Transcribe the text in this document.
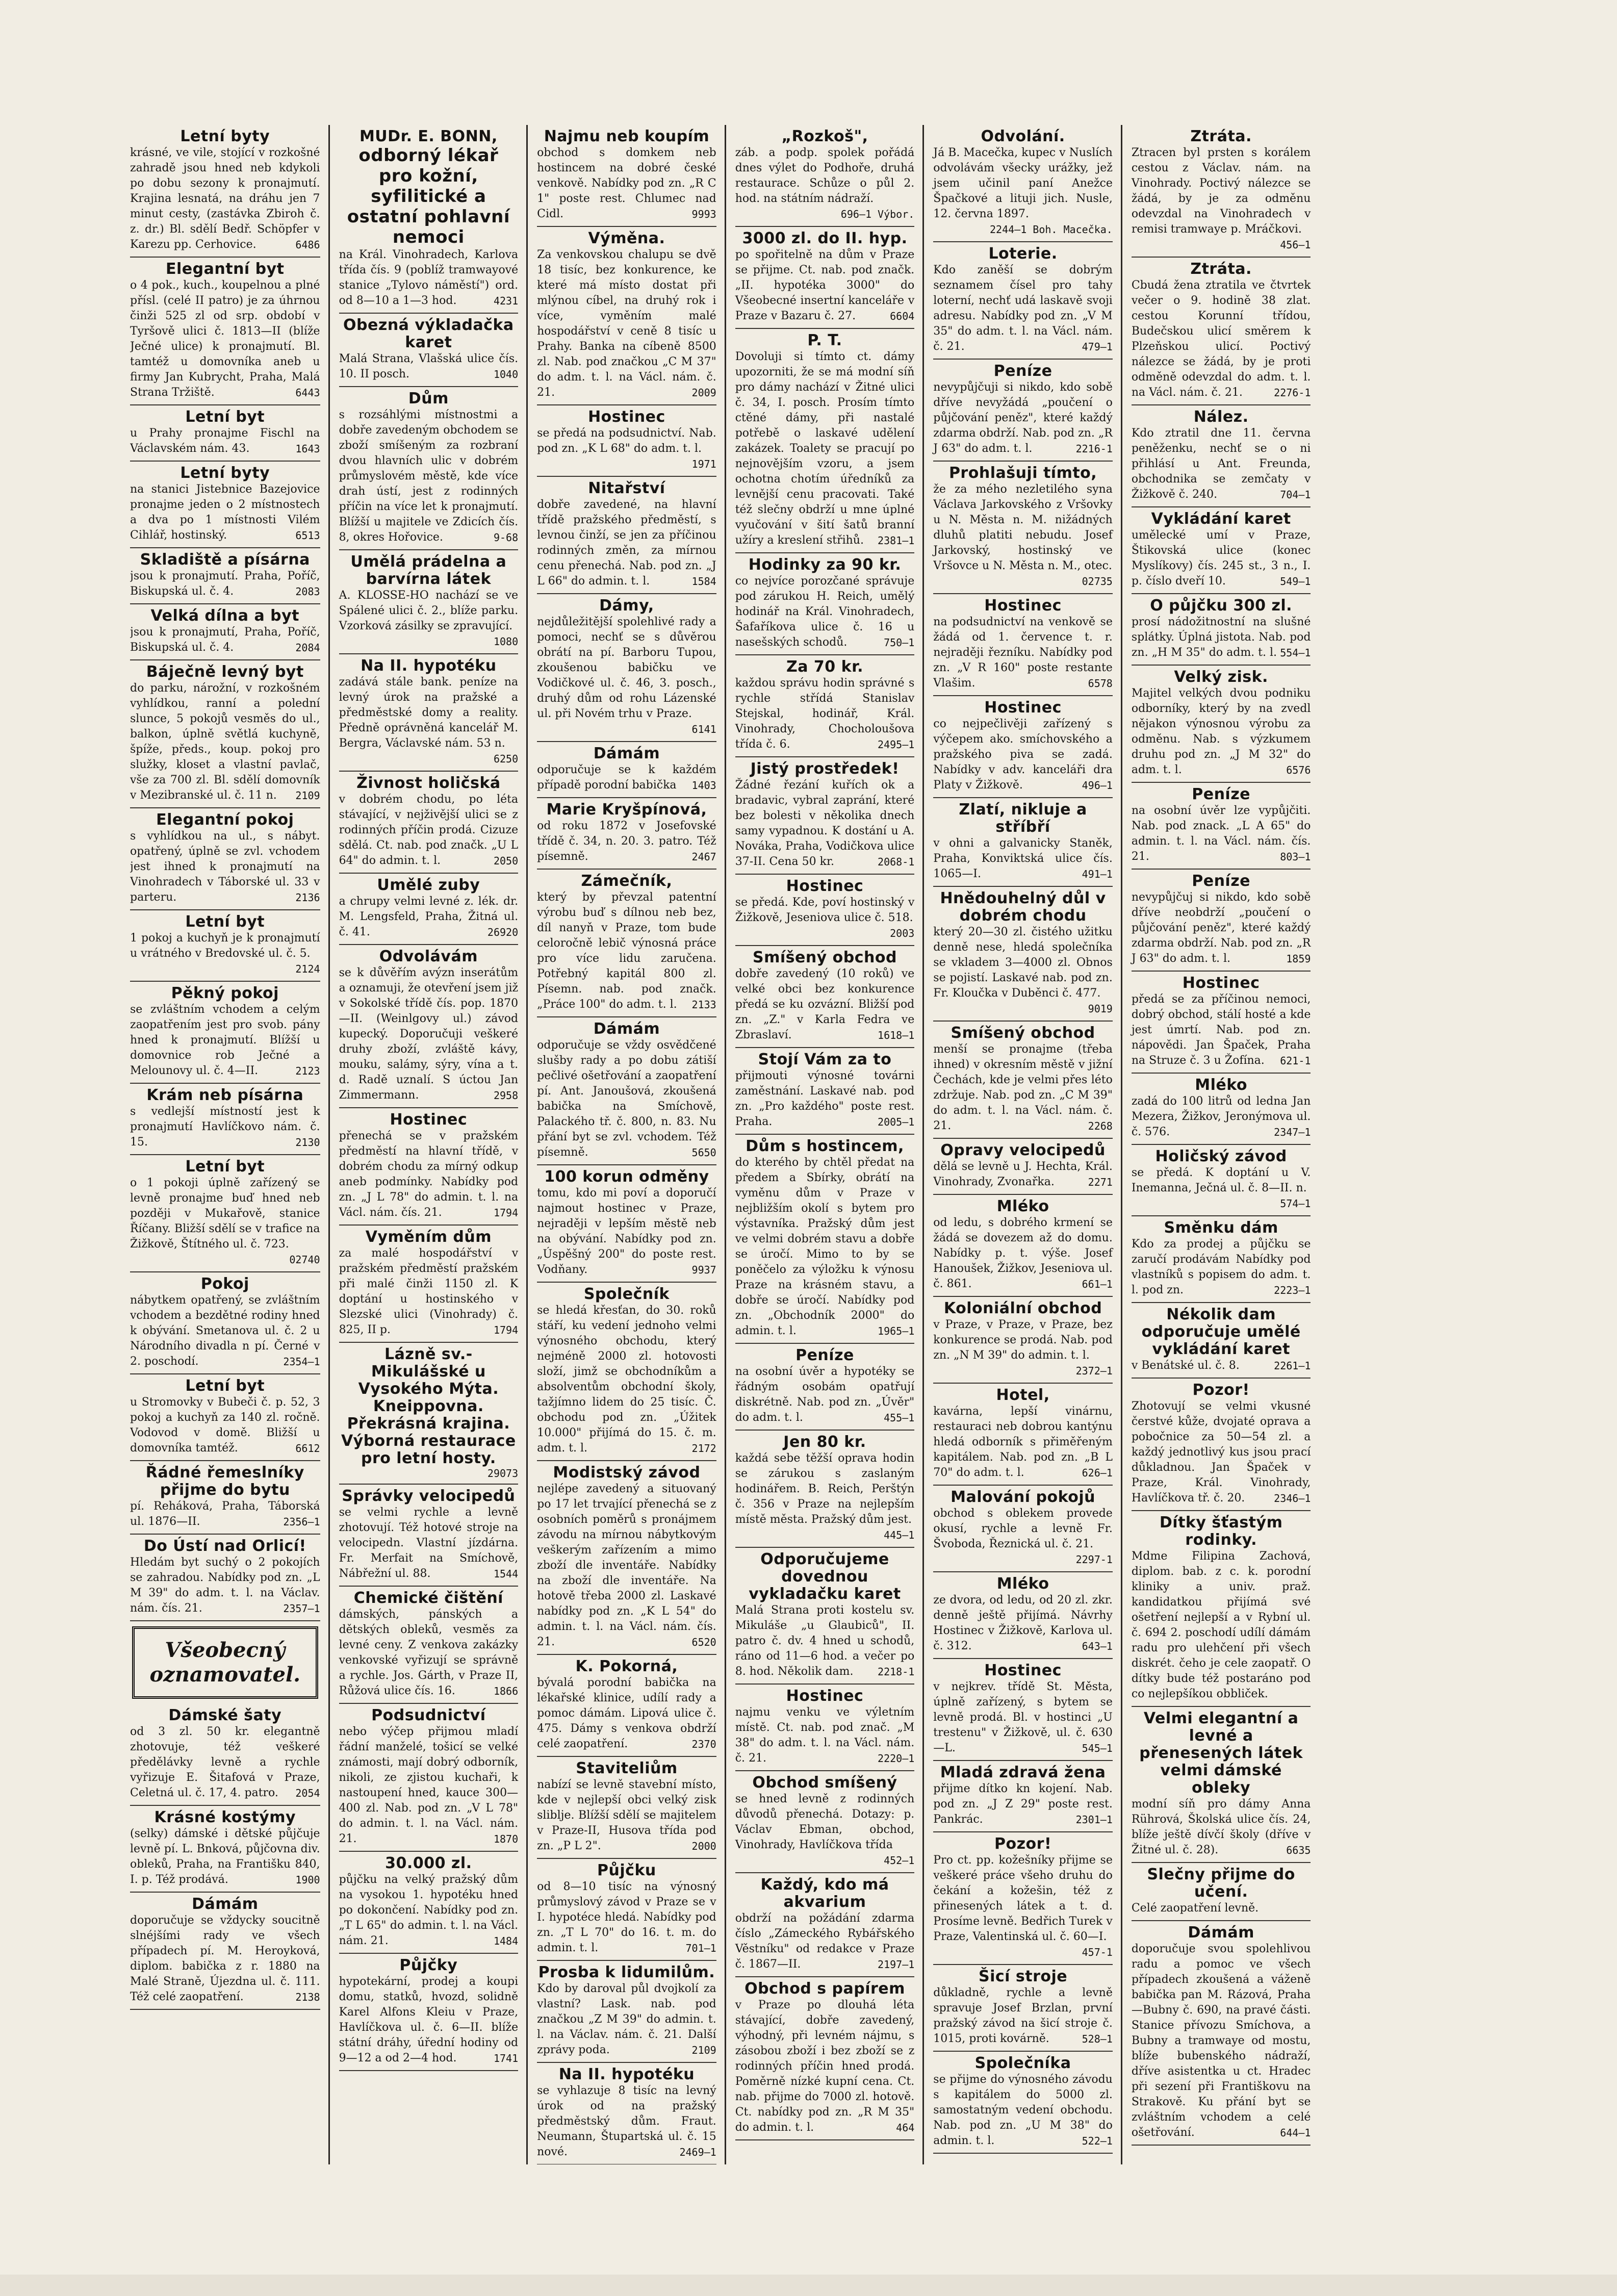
Letní byty
krásné, ve vile, stojící v rozkošné zahradě jsou hned neb kdykoli po dobu sezony k pronajmutí. Krajina lesnatá, na dráhu jen 7 minut cesty, (zastávka Zbiroh č. z. dr.) Bl. sdělí Bedř. Schöpfer v Karezu pp. Cerhovice.	6486
Elegantní byt
o 4 pok., kuch., koupelnou a plné přísl. (celé II patro) je za úhrnou činži 525 zl od srp. období v Tyršově ulici č. 1813—II (blíže Ječné ulice) k pronajmutí. Bl. tamtéž u domovníka aneb u firmy Jan Kubrycht, Praha, Malá Strana Tržiště.	6443
Letní byt
u Prahy pronajme Fischl na Václavském nám. 43.	1643
Letní byty
na stanici Jistebnice Bazejovice pronajme jeden o 2 místnostech a dva po 1 místnosti Vilém Cihlář, hostinský.	6513
Skladiště a písárna
jsou k pronajmutí. Praha, Poříč, Biskupská ul. č. 4.	2083
Velká dílna a byt
jsou k pronajmutí, Praha, Poříč, Biskupská ul. č. 4.	2084
Báječně levný byt
do parku, nárožní, v rozkošném vyhlídkou, ranní a polední slunce, 5 pokojů vesměs do ul., balkon, úplně světlá kuchyně, špíže, předs., koup. pokoj pro služky, kloset a vlastní pavlač, vše za 700 zl. Bl. sdělí domovník v Mezibranské ul. č. 11 n.	2109
Elegantní pokoj
s vyhlídkou na ul., s nábyt. opatřený, úplně se zvl. vchodem jest ihned k pronajmutí na Vinohradech v Táborské ul. 33 v parteru.	2136
Letní byt
1 pokoj a kuchyň je k pronajmutí u vrátného v Bredovské ul. č. 5.
2124
Pěkný pokoj
se zvláštním vchodem a celým zaopatřením jest pro svob. pány hned k pronajmutí. Blížší u domovnice rob Ječné a Melounovy ul. č. 4—II.	2123
Krám neb písárna
s vedlejší místností jest k pronajmutí Havlíčkovo nám. č. 15.	2130
Letní byt
o 1 pokoji úplně zařízený se levně pronajme buď hned neb později v Mukařově, stanice Říčany. Bližší sdělí se v trafice na Žižkově, Štítného ul. č. 723.
02740
Pokoj
nábytkem opatřený, se zvláštním vchodem a bezdětné rodiny hned k obývání. Smetanova ul. č. 2 u Národního divadla n pí. Černé v 2. poschodí.	2354—1
Letní byt
u Stromovky v Bubeči č. p. 52, 3 pokoj a kuchyň za 140 zl. ročně. Vodovod v domě. Bližší u domovníka tamtéž.	6612
Řádné řemeslníky přijme do bytu
pí. Reháková, Praha, Táborská ul. 1876—II.	2356—1
Do Ústí nad Orlicí!
Hledám byt suchý o 2 pokojích se zahradou. Nabídky pod zn. „L M 39" do adm. t. l. na Václav. nám. čís. 21.	2357—1
Všeobecný oznamovatel.
Dámské šaty
od 3 zl. 50 kr. elegantně zhotovuje, též veškeré předělávky levně a rychle vyřizuje E. Šitafová v Praze, Celetná ul. č. 17, 4. patro.	2054
Krásné kostýmy
(selky) dámské i dětské půjčuje levně pí. L. Bnková, půjčovna div. obleků, Praha, na Františku 840, I. p. Též prodává.	1900
Dámám
doporučuje se vždycky soucitně slnéjšími rady ve všech případech pí. M. Heroyková, diplom. babička z r. 1880 na Malé Straně, Újezdna ul. č. 111. Též celé zaopatření.	2138
MUDr. E. BONN,
odborný lékař pro kožní, syfilitické a ostatní pohlavní nemoci
na Král. Vinohradech, Karlova třída čís. 9 (poblíž tramwayové stanice „Tylovo náměstí") ord. od 8—10 a 1—3 hod.	4231
Obezná výkladačka karet
Malá Strana, Vlašská ulice čís. 10. II posch.	1040
Dům
s rozsáhlými místnostmi a dobře zavedeným obchodem se zboží smíšeným za rozbraní dvou hlavních ulic v dobrém průmyslovém městě, kde více drah ústí, jest z rodinných příčin na více let k pronajmutí. Blížší u majitele ve Zdicích čís. 8, okres Hořovice.	9-68
Umělá prádelna a barvírna látek
A. KLOSSE-HO nachází se ve Spálené ulici č. 2., blíže parku. Vzorková zásilky se zpravující.
1080
Na II. hypotéku
zadává stále bank. peníze na levný úrok na pražské a předměstské domy a reality. Předně oprávněná kancelář M. Bergra, Václavské nám. 53 n.
6250
Živnost holičská
v dobrém chodu, po léta stávající, v nejživější ulici se z rodinných příčin prodá. Cizuze sdělá. Ct. nab. pod značk. „U L 64" do admin. t. l.	2050
Umělé zuby
a chrupy velmi levné z. lék. dr. M. Lengsfeld, Praha, Žitná ul. č. 41.	26920
Odvolávám
se k důvěřím avýzn inserátům a oznamuji, že otevření jsem již v Sokolské třídě čís. pop. 1870—II. (Weinlgovy ul.) závod kupecký. Doporučuji veškeré druhy zboží, zvláště kávy, mouku, salámy, sýry, vína a t. d. Radě uznalí. S úctou Jan Zimmermann.	2958
Hostinec
přenechá se v pražském předměstí na hlavní třídě, v dobrém chodu za mírný odkup aneb podmínky. Nabídky pod zn. „J L 78" do admin. t. l. na Václ. nám. čís. 21.	1794
Vyměním dům
za malé hospodářství v pražském předměstí pražském při malé činži 1150 zl. K doptání u hostinského v Slezské ulici (Vinohrady) č. 825, II p.	1794
Lázně sv.-Mikulášské u Vysokého Mýta. Kneippovna. Překrásná krajina. Výborná restaurace pro letní hosty.
29073
Správky velocipedů
se velmi rychle a levně zhotovují. Též hotové stroje na velocipedn. Vlastní jízdárna. Fr. Merfait na Smíchově, Nábřežní ul. 88.	1544
Chemické čištění
dámských, pánských a dětských obleků, vesměs za levné ceny. Z venkova zakázky venkovské vyřizují se správně a rychle. Jos. Gárth, v Praze II, Růžová ulice čís. 16.	1866
Podsudnictví
nebo výčep přijmou mladí řádní manželé, tošicí se velké známosti, mají dobrý odborník, nikoli, ze zjistou kuchaři, k nastoupení hned, kauce 300—400 zl. Nab. pod zn. „V L 78" do admin. t. l. na Václ. nám. 21.	1870
30.000 zl.
půjčku na velký pražský dům na vysokou 1. hypotéku hned po dokončení. Nabídky pod zn. „T L 65" do admin. t. l. na Václ. nám. 21.	1484
Půjčky
hypotekární, prodej a koupi domu, statků, hvozd, solidně Karel Alfons Kleiu v Praze, Havlíčkova ul. č. 6—II. blíže státní dráhy, úřední hodiny od 9—12 a od 2—4 hod.	1741
Najmu neb koupím
obchod s domkem neb hostincem na dobré české venkově. Nabídky pod zn. „R C 1" poste rest. Chlumec nad Cidl.	9993
Výměna.
Za venkovskou chalupu se dvě 18 tisíc, bez konkurence, ke které má místo dostat při mlýnou cíbel, na druhý rok i více, vyměním malé hospodářství v ceně 8 tisíc u Prahy. Banka na cíbeně 8500 zl. Nab. pod značkou „C M 37" do adm. t. l. na Václ. nám. č. 21.	2009
Hostinec
se předá na podsudnictví. Nab. pod zn. „K L 68" do adm. t. l.
1971
Nitařství
dobře zavedené, na hlavní třídě pražského předměstí, s levnou činží, se jen za příčinou rodinných změn, za mírnou cenu přenechá. Nab. pod zn. „J L 66" do admin. t. l.	1584
Dámy,
nejdůležitější spolehlivé rady a pomoci, nechť se s důvěrou obrátí na pí. Barboru Tupou, zkoušenou babičku ve Vodičkové ul. č. 46, 3. posch., druhý dům od rohu Lázenské ul. při Novém trhu v Praze.
6141
Dámám
odporučuje se k každém případě porodní babička	1403
Marie Kryšpínová,
od roku 1872 v Josefovské třídě č. 34, n. 20. 3. patro. Též písemně.	2467
Zámečník,
který by převzal patentní výrobu buď s dílnou neb bez, díl nanyň v Praze, tom bude celoročně lebič výnosná práce pro více lidu zaručena. Potřebný kapitál 800 zl. Písemn. nab. pod značk. „Práce 100" do adm. t. l.	2133
Dámám
odporučuje se vždy osvědčené slušby rady a po dobu zátiší pečlivé ošetřování a zaopatření pí. Ant. Janoušová, zkoušená babička na Smíchově, Palackého tř. č. 800, n. 83. Nu přání byt se zvl. vchodem. Též písemně.	5650
100 korun odměny
tomu, kdo mi poví a doporučí najmout hostinec v Praze, nejraději v lepším městě neb na obývání. Nabídky pod zn. „Úspěšný 200" do poste rest. Vodňany.	9937
Společník
se hledá křesťan, do 30. roků stáří, ku vedení jednoho velmi výnosného obchodu, který nejméně 2000 zl. hotovosti složí, jimž se obchodníkům a absolventům obchodní školy, tažjímno lidem do 25 tisíc. Č. obchodu pod zn. „Úžitek 10.000" přijímá do 15. č. m. adm. t. l.	2172
Modistský závod
nejlépe zavedený a situovaný po 17 let trvající přenechá se z osobních poměrů s pronájmem závodu na mírnou nábytkovým veškerým zařízením a mimo zboží dle inventáře. Nabídky na zboží dle inventáře. Na hotově třeba 2000 zl. Laskavé nabídky pod zn. „K L 54" do admin. t. l. na Václ. nám. čís. 21.	6520
K. Pokorná,
bývalá porodní babička na lékařské klinice, udílí rady a pomoc dámám. Lipová ulice č. 475. Dámy s venkova obdrží celé zaopatření.	2370
Staviteliům
nabízí se levně stavební místo, kde v nejlepší obci velký zisk sliblje. Blížší sdělí se majitelem v Praze-II, Husova třída pod zn. „P L 2".	2000
Půjčku
od 8—10 tisíc na výnosný průmyslový závod v Praze se v I. hypotéce hledá. Nabídky pod zn. „T L 70" do 16. t. m. do admin. t. l.	701—1
Prosba k lidumilům.
Kdo by daroval půl dvojkolí za vlastní? Lask. nab. pod značkou „Z M 39" do admin. t. l. na Václav. nám. č. 21. Další zprávy poda.	2109
Na II. hypotéku
se vyhlazuje 8 tisíc na levný úrok od na pražský předměstský dům. Fraut. Neumann, Štupartská ul. č. 15 nové.	2469—1
„Rozkoš",
záb. a podp. spolek pořádá dnes výlet do Podhoře, druhá restaurace. Schůze o půl 2. hod. na státním nádraží.
696—1 Výbor.
3000 zl. do II. hyp.
po spořitelně na dům v Praze se přijme. Ct. nab. pod značk. „II. hypotéka 3000" do Všeobecné insertní kanceláře v Praze v Bazaru č. 27.	6604
P. T.
Dovoluji si tímto ct. dámy upozorniti, že se má modní síň pro dámy nachází v Žitné ulici č. 34, I. posch. Prosím tímto ctěné dámy, při nastalé potřebě o laskavé udělení zakázek. Toalety se pracují po nejnovějším vzoru, a jsem ochotna chotím úředníků za levnější cenu pracovati. Také též slečny obdrží u mne úplné vyučování v šití šatů branní užíry a kreslení střihů.	2381—1
Hodinky za 90 kr.
co nejvíce porozčané správuje pod zárukou H. Reich, umělý hodinář na Král. Vinohradech, Šafaříkova ulice č. 16 u nasešských schodů.	750—1
Za 70 kr.
každou správu hodin správné s rychle střídá Stanislav Stejskal, hodinář, Král. Vinohrady, Chocholoušova třída č. 6.	2495—1
Jistý prostředek!
Žádné řezání kuřích ok a bradavic, vybral zaprání, které bez bolesti v několika dnech samy vypadnou. K dostání u A. Nováka, Praha, Vodičkova ulice 37-II. Cena 50 kr.	2068-1
Hostinec
se předá. Kde, poví hostinský v Žižkově, Jeseniova ulice č. 518.
2003
Smíšený obchod
dobře zavedený (10 roků) ve velké obci bez konkurence předá se ku ozvázní. Bližší pod zn. „Z." v Karla Fedra ve Zbraslaví.	1618—1
Stojí Vám za to
přijmouti výnosné továrni zaměstnání. Laskavé nab. pod zn. „Pro každého" poste rest. Praha.	2005—1
Dům s hostincem,
do kterého by chtěl předat na předem a Sbírky, obrátí na vyměnu dům v Praze v nejbližším okolí s bytem pro výstavníka. Pražský dům jest ve velmi dobrém stavu a dobře se úročí. Mimo to by se poněčelo za výložku k výnosu Praze na krásném stavu, a dobře se úročí. Nabídky pod zn. „Obchodník 2000" do admin. t. l.	1965—1
Peníze
na osobní úvěr a hypotéky se řádným osobám opatřují diskrétně. Nab. pod zn. „Úvěr" do adm. t. l.	455—1
Jen 80 kr.
každá sebe těžší oprava hodin se zárukou s zaslaným hodinářem. B. Reich, Perštýn č. 356 v Praze na nejlepším místě města. Pražský dům jest.
445—1
Odporučujeme dovednou vykladačku karet
Malá Strana proti kostelu sv. Mikuláše „u Glaubiců", II. patro č. dv. 4 hned u schodů, ráno od 11—6 hod. a večer po 8. hod. Několik dam.	2218-1
Hostinec
najmu venku ve výletním místě. Ct. nab. pod znač. „M 38" do adm. t. l. na Václ. nám. č. 21.	2220—1
Obchod smíšený
se hned levně z rodinných důvodů přenechá. Dotazy: p. Václav Ebman, obchod, Vinohrady, Havlíčkova třída
452—1
Každý, kdo má akvarium
obdrží na požádání zdarma číslo „Zámeckého Rybářského Věstníku" od redakce v Praze č. 1867—II.	2197—1
Obchod s papírem
v Praze po dlouhá léta stávající, dobře zavedený, výhodný, při levném nájmu, s zásobou zboží i bez zboží se z rodinných příčin hned prodá. Poměrně nízké kupní cena. Ct. nab. přijme do 7000 zl. hotově. Ct. nabídky pod zn. „R M 35" do admin. t. l.	464
Odvolání.
Já B. Macečka, kupec v Nuslích odvolávám všecky urážky, jež jsem učinil paní Anežce Špačkové a lituji jich. Nusle, 12. června 1897.
2244—1 Boh. Macečka.
Loterie.
Kdo zaněší se dobrým seznamem čísel pro tahy loterní, nechť udá laskavě svoji adresu. Nabídky pod zn. „V M 35" do adm. t. l. na Václ. nám. č. 21.	479—1
Peníze
nevypůjčuji si nikdo, kdo sobě dříve nevyžádá „poučení o půjčování peněz", které každý zdarma obdrží. Nab. pod zn. „R J 63" do adm. t. l.	2216-1
Prohlašuji tímto,
že za mého nezletilého syna Václava Jarkovského z Vršovky u N. Města n. M. nižádných dluhů platiti nebudu. Josef Jarkovský, hostinský ve Vršovce u N. Města n. M., otec.
02735
Hostinec
na podsudnictví na venkově se žádá od 1. července t. r. nejraději řezníku. Nabídky pod zn. „V R 160" poste restante Vlašim.	6578
Hostinec
co nejpečlivěji zařízený s výčepem ako. smíchovského a pražského piva se zadá. Nabídky v adv. kanceláři dra Platy v Žižkově.	496—1
Zlatí, nikluje a stříbří
v ohni a galvanicky Staněk, Praha, Konviktská ulice čís. 1065—I.	491—1
Hnědouhelný důl v dobrém chodu
který 20—30 zl. čistého užitku denně nese, hledá společníka se vkladem 3—4000 zl. Obnos se pojistí. Laskavé nab. pod zn. Fr. Kloučka v Duběnci č. 477.
9019
Smíšený obchod
menší se pronajme (třeba ihned) v okresním městě v jižní Čechách, kde je velmi přes léto zdržuje. Nab. pod zn. „C M 39" do adm. t. l. na Václ. nám. č. 21.	2268
Opravy velocipedů
dělá se levně u J. Hechta, Král. Vinohrady, Zvonařka.	2271
Mléko
od ledu, s dobrého krmení se žádá se dovezem až do domu. Nabídky p. t. výše. Josef Hanoušek, Žižkov, Jeseniova ul. č. 861.	661—1
Koloniální obchod
v Praze, v Praze, v Praze, bez konkurence se prodá. Nab. pod zn. „N M 39" do admin. t. l.
2372—1
Hotel,
kavárna, lepší vinárnu, restauraci neb dobrou kantýnu hledá odborník s přiměřeným kapitálem. Nab. pod zn. „B L 70" do adm. t. l.	626—1
Malování pokojů
obchod s oblekem provede okusí, rychle a levně Fr. Švoboda, Řeznická ul. č. 21.
2297-1
Mléko
ze dvora, od ledu, od 20 zl. zkr. denně ještě přijímá. Návrhy Hostinec v Žižkově, Karlova ul. č. 312.	643—1
Hostinec
v nejkrev. třídě St. Města, úplně zařízený, s bytem se levně prodá. Bl. v hostinci „U trestenu" v Žižkově, ul. č. 630—L.	545—1
Mladá zdravá žena
přijme dítko kn kojení. Nab. pod zn. „J Z 29" poste rest. Pankrác.	2301—1
Pozor!
Pro ct. pp. kožešníky přijme se veškeré práce všeho druhu do čekání a kožešin, též z přinesených látek a t. d. Prosíme levně. Bedřich Turek v Praze, Valentinská ul. č. 60—I.
457-1
Šicí stroje
důkladně, rychle a levně spravuje Josef Brzlan, první pražský závod na šicí stroje č. 1015, proti kovárně.	528—1
Společníka
se přijme do výnosného závodu s kapitálem do 5000 zl. samostatným vedení obchodu. Nab. pod zn. „U M 38" do admin. t. l.	522—1
Ztráta.
Ztracen byl prsten s korálem cestou z Václav. nám. na Vinohrady. Poctivý nálezce se žádá, by je za odměnu odevzdal na Vinohradech v remisi tramwaye p. Mráčkovi.
456—1
Ztráta.
Cbudá žena ztratila ve čtvrtek večer o 9. hodině 38 zlat. cestou Korunní třídou, Budečskou ulicí směrem k Plzeňskou ulicí. Poctivý nálezce se žádá, by je proti odměně odevzdal do adm. t. l. na Václ. nám. č. 21.	2276-1
Nález.
Kdo ztratil dne 11. června peněženku, nechť se o ni přihlásí u Ant. Freunda, obchodnika se zemčaty v Žižkově č. 240.	704—1
Vykládání karet
umělecké umí v Praze, Štikovská ulice (konec Myslíkovy) čís. 245 st., 3 n., I. p. číslo dveří 10.	549—1
O půjčku 300 zl.
prosí nádožitnostní na slušné splátky. Úplná jistota. Nab. pod zn. „H M 35" do adm. t. l. 554—1
Velký zisk.
Majitel velkých dvou podniku odborníky, který by na zvedl nějakon výnosnou výrobu za odměnu. Nab. s výzkumem druhu pod zn. „J M 32" do adm. t. l.	6576
Peníze
na osobní úvěr lze vypůjčiti. Nab. pod znack. „L A 65" do admin. t. l. na Václ. nám. čís. 21.	803—1
Peníze
nevypůjčuj si nikdo, kdo sobě dříve neobdrží „poučení o půjčování peněz", které každý zdarma obdrží. Nab. pod zn. „R J 63" do adm. t. l.	1859
Hostinec
předá se za příčinou nemoci, dobrý obchod, stálí hosté a kde jest úmrtí. Nab. pod zn. nápovědi. Jan Špaček, Praha na Struze č. 3 u Žofína.	621-1
Mléko
zadá do 100 litrů od ledna Jan Mezera, Žižkov, Jeronýmova ul. č. 576.	2347—1
Holičský závod
se předá. K doptání u V. Inemanna, Ječná ul. č. 8—II. n.
574—1
Směnku dám
Kdo za prodej a půjčku se zaručí prodávám Nabídky pod vlastníků s popisem do adm. t. l. pod zn.	2223—1
Nékolik dam odporučuje umělé vykládání karet
v Benátské ul. č. 8.	2261—1
Pozor!
Zhotovují se velmi vkusné čerstvé kůže, dvojaté oprava a pobočnice za 50—54 zl. a každý jednotlivý kus jsou prací důkladnou. Jan Špaček v Praze, Král. Vinohrady, Havlíčkova tř. č. 20.	2346—1
Dítky šťastým rodinky.
Mdme Filipina Zachová, diplom. bab. z c. k. porodní kliniky a univ. praž. kandidatkou přijímá své ošetření nejlepší a v Rybní ul. č. 694 2. poschodí udílí dámám radu pro ulehčení při všech diskrét. čeho je cele zaopatř. O dítky bude též postaráno pod co nejlepšíkou obbliček.
Velmi elegantní a levné a přenesených látek velmi dámské obleky
modní síň pro dámy Anna Rührová, Školská ulice čís. 24, blíže ještě dívčí školy (dříve v Žitné ul. č. 28).	6635
Slečny přijme do učení.
Celé zaopatření levně.
Dámám
doporučuje svou spolehlivou radu a pomoc ve všech případech zkoušená a váženě babička pan M. Rázová, Praha—Bubny č. 690, na pravé části. Stanice přívozu Smíchova, a Bubny a tramwaye od mostu, blíže bubenského nádraží, dříve asistentka u ct. Hradec při sezení při Františkovu na Strakově. Ku přání byt se zvláštním vchodem a celé ošetřování.	644—1
